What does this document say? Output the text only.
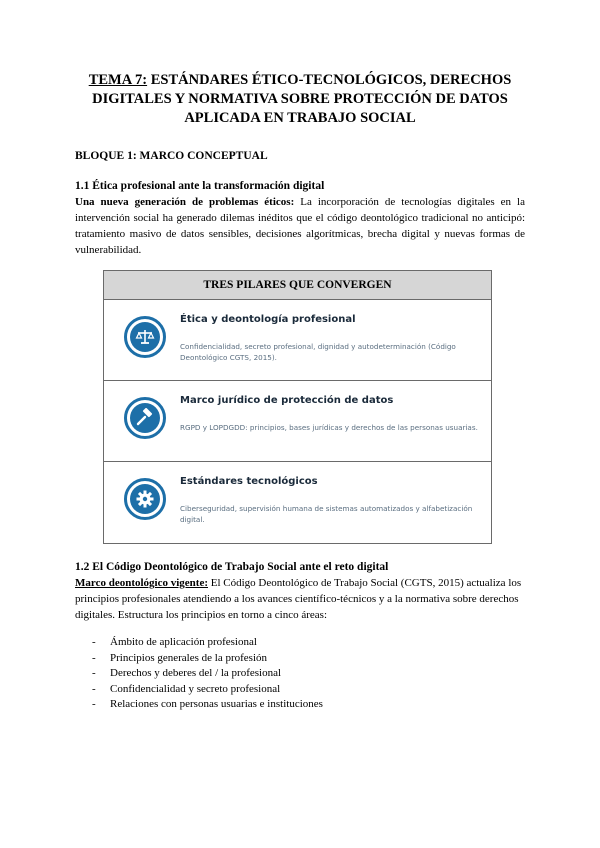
TEMA 7: ESTÁNDARES ÉTICO-TECNOLÓGICOS, DERECHOS
DIGITALES Y NORMATIVA SOBRE PROTECCIÓN DE DATOS
APLICADA EN TRABAJO SOCIAL
BLOQUE 1: MARCO CONCEPTUAL
1.1 Ética profesional ante la transformación digital
Una nueva generación de problemas éticos: La incorporación de tecnologías digitales en la intervención social ha generado dilemas inéditos que el código deontológico tradicional no anticipó: tratamiento masivo de datos sensibles, decisiones algorítmicas, brecha digital y nuevas formas de vulnerabilidad.
TRES PILARES QUE CONVERGEN
Ética y deontología profesional
Confidencialidad, secreto profesional, dignidad y autodeterminación (Código Deontológico CGTS, 2015).
Marco jurídico de protección de datos
RGPD y LOPDGDD: principios, bases jurídicas y derechos de las personas usuarias.
Estándares tecnológicos
Ciberseguridad, supervisión humana de sistemas automatizados y alfabetización digital.
1.2 El Código Deontológico de Trabajo Social ante el reto digital
Marco deontológico vigente: El Código Deontológico de Trabajo Social (CGTS, 2015) actualiza los principios profesionales atendiendo a los avances científico-técnicos y a la normativa sobre derechos digitales. Estructura los principios en torno a cinco áreas:
- Ámbito de aplicación profesional
- Principios generales de la profesión
- Derechos y deberes del / la profesional
- Confidencialidad y secreto profesional
- Relaciones con personas usuarias e instituciones
